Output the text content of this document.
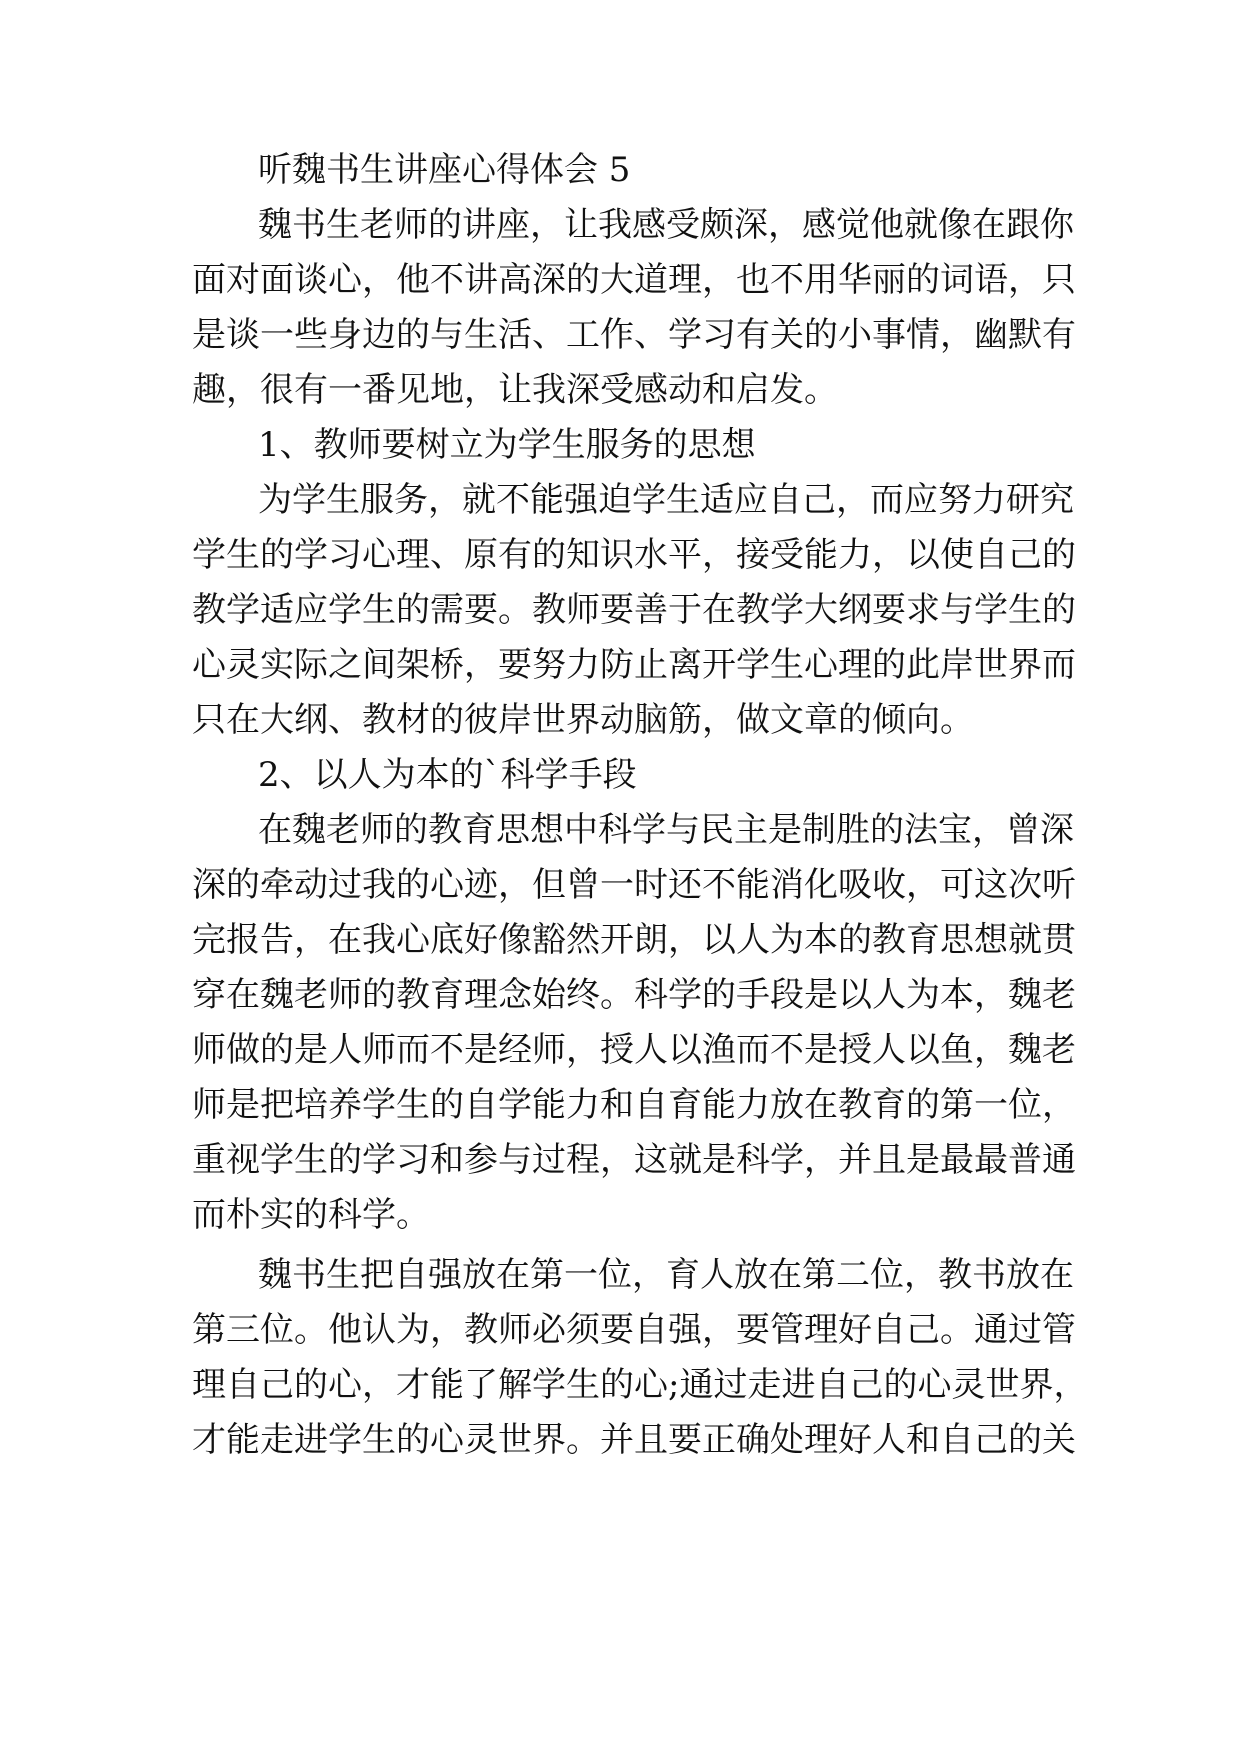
听魏书生讲座心得体会 5
魏书生老师的讲座，让我感受颇深，感觉他就像在跟你
面对面谈心，他不讲高深的大道理，也不用华丽的词语，只
是谈一些身边的与生活、工作、学习有关的小事情，幽默有
趣，很有一番见地，让我深受感动和启发。
1、教师要树立为学生服务的思想
为学生服务，就不能强迫学生适应自己，而应努力研究
学生的学习心理、原有的知识水平，接受能力，以使自己的
教学适应学生的需要。教师要善于在教学大纲要求与学生的
心灵实际之间架桥，要努力防止离开学生心理的此岸世界而
只在大纲、教材的彼岸世界动脑筋，做文章的倾向。
2、以人为本的`科学手段
在魏老师的教育思想中科学与民主是制胜的法宝，曾深
深的牵动过我的心迹，但曾一时还不能消化吸收，可这次听
完报告，在我心底好像豁然开朗，以人为本的教育思想就贯
穿在魏老师的教育理念始终。科学的手段是以人为本，魏老
师做的是人师而不是经师，授人以渔而不是授人以鱼，魏老
师是把培养学生的自学能力和自育能力放在教育的第一位，
重视学生的学习和参与过程，这就是科学，并且是最最普通
而朴实的科学。
魏书生把自强放在第一位，育人放在第二位，教书放在
第三位。他认为，教师必须要自强，要管理好自己。通过管
理自己的心，才能了解学生的心;通过走进自己的心灵世界，
才能走进学生的心灵世界。并且要正确处理好人和自己的关
